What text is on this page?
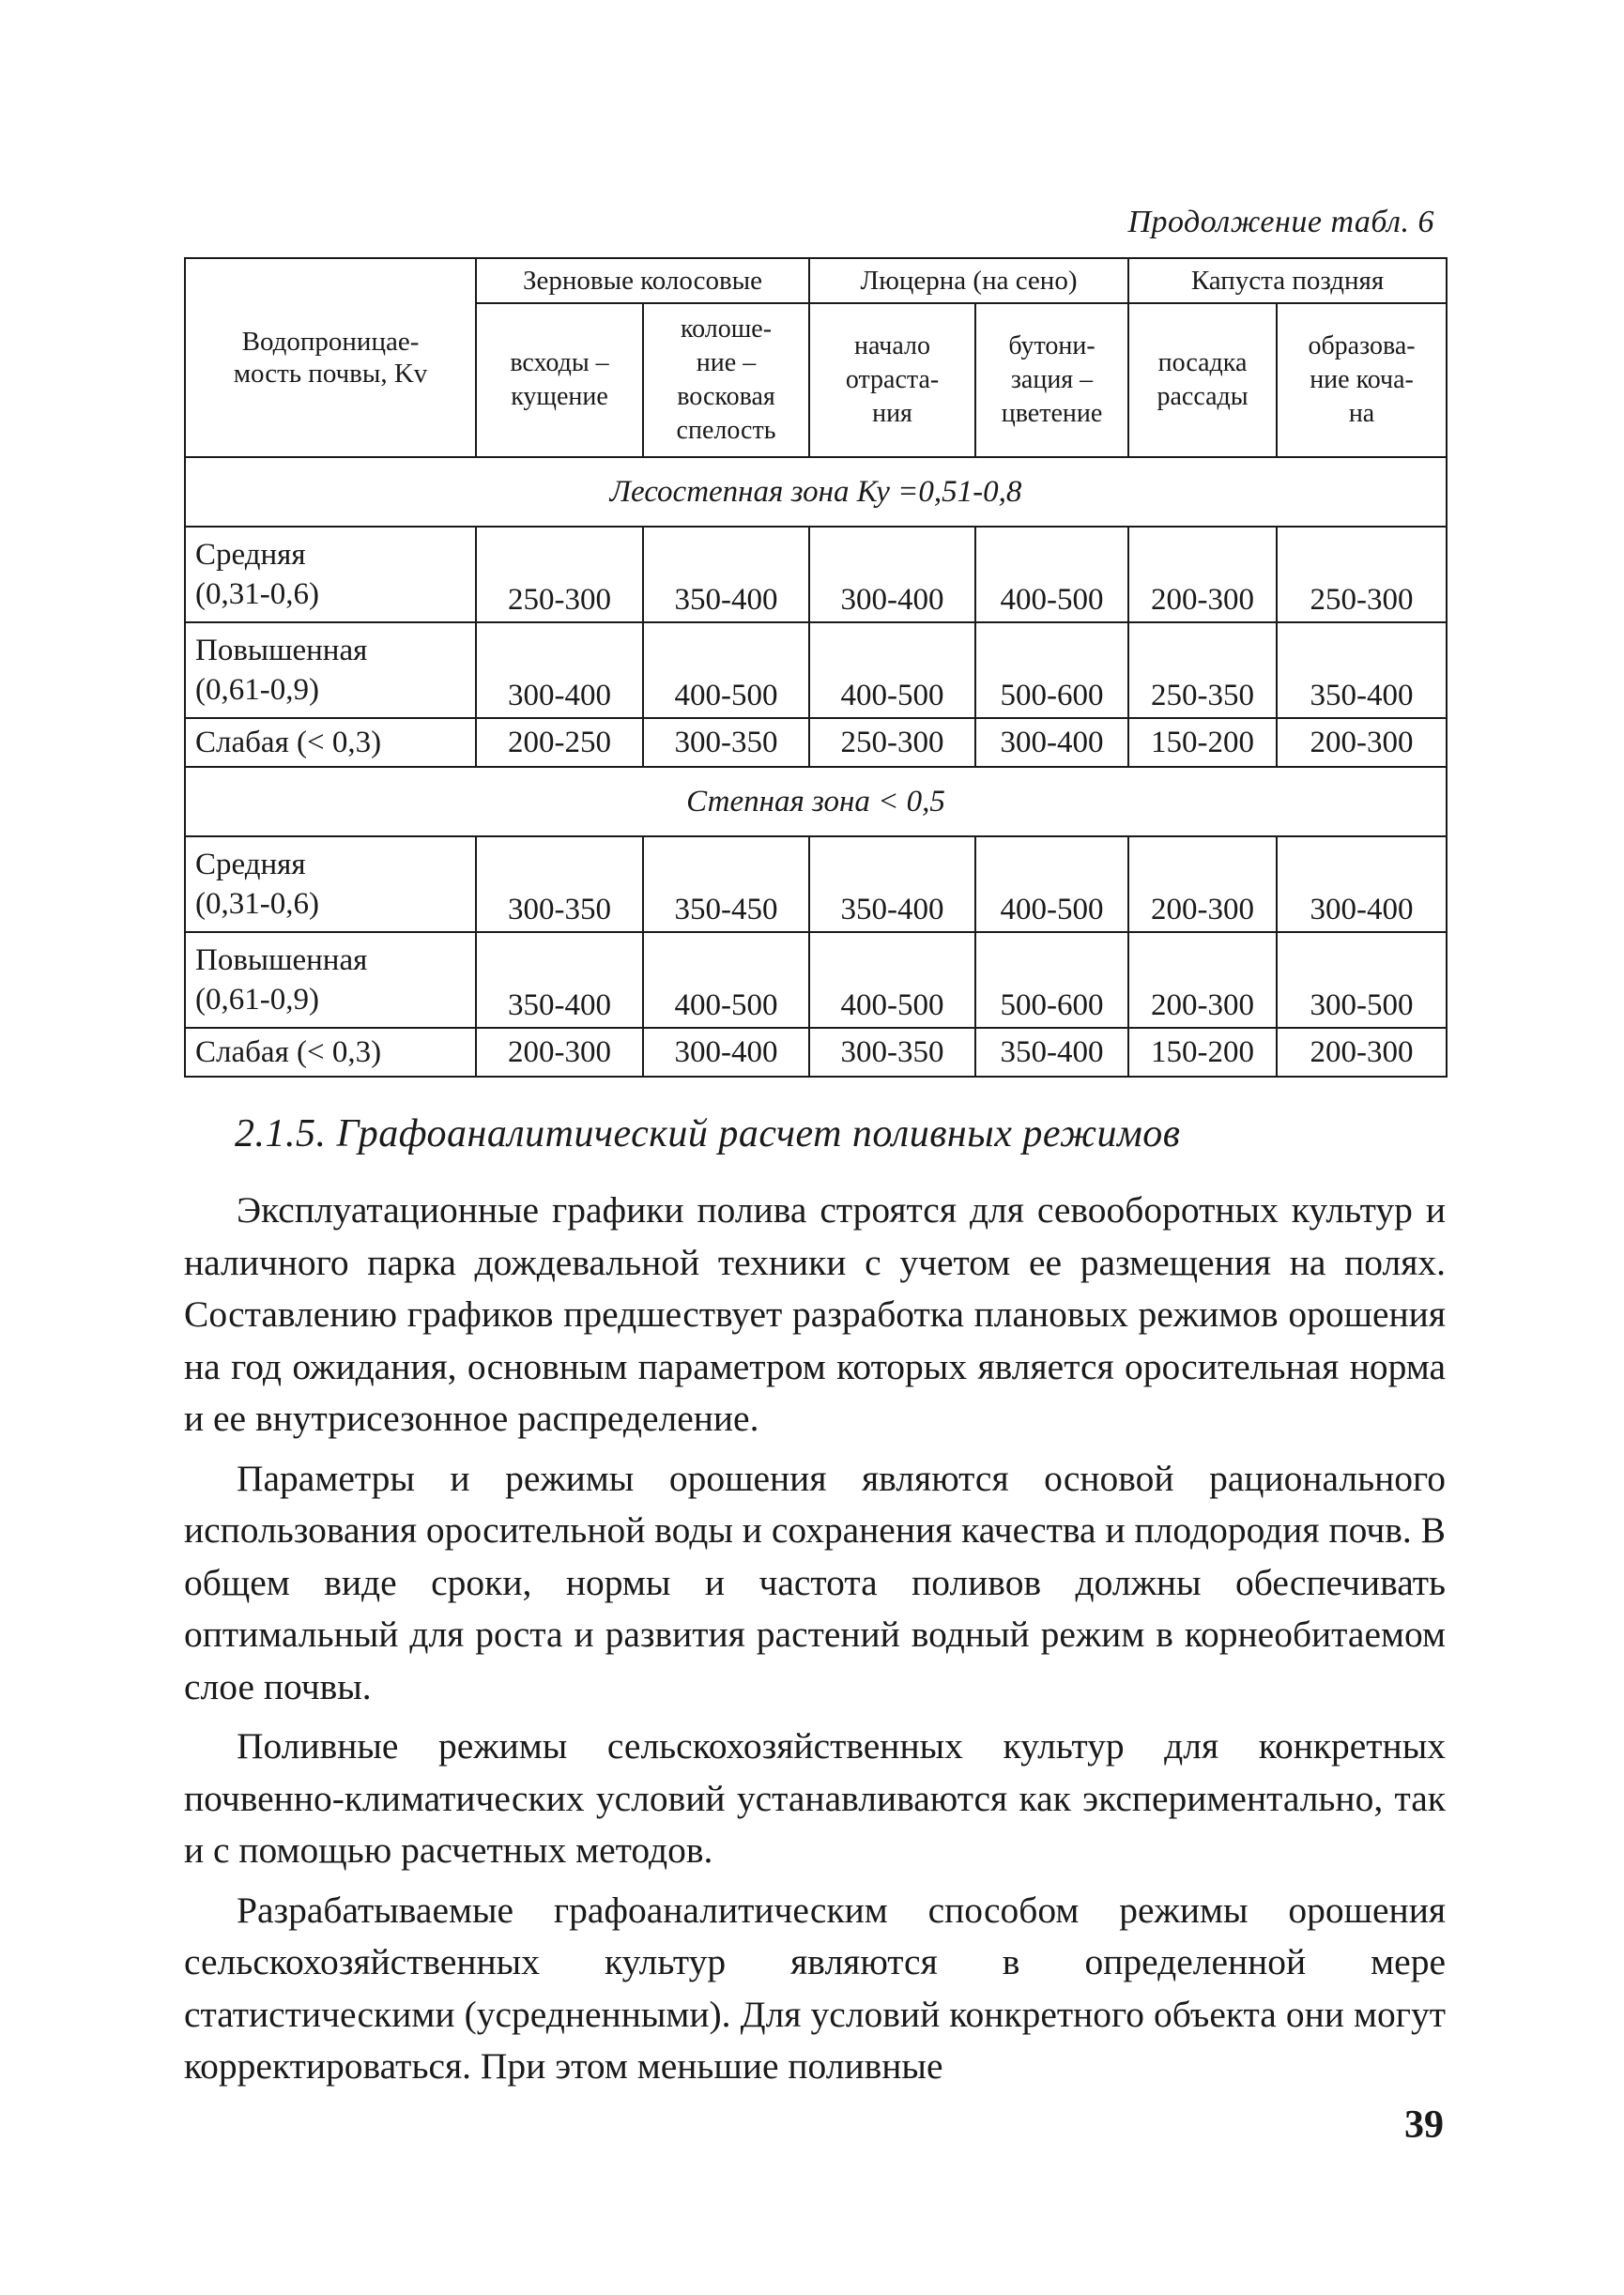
Продолжение табл. 6
Водопроницае-
мость почвы, Kv	Зерновые колосовые		Люцерна (на сено)		Капуста поздняя	
	всходы –
кущение	колоше-
ние –
восковая
спелость	начало
отраста-
ния	бутони-
зация –
цветение	посадка
рассады	образова-
ние коча-
на
Лесостепная зона Ку =0,51-0,8						
Средняя
(0,31-0,6)	250-300	350-400	300-400	400-500	200-300	250-300
Повышенная
(0,61-0,9)	300-400	400-500	400-500	500-600	250-350	350-400
Слабая (< 0,3)	200-250	300-350	250-300	300-400	150-200	200-300
Степная зона < 0,5						
Средняя
(0,31-0,6)	300-350	350-450	350-400	400-500	200-300	300-400
Повышенная
(0,61-0,9)	350-400	400-500	400-500	500-600	200-300	300-500
Слабая (< 0,3)	200-300	300-400	300-350	350-400	150-200	200-300
2.1.5. Графоаналитический расчет поливных режимов

Эксплуатационные графики полива строятся для севооборотных культур и наличного парка дождевальной техники с учетом ее размещения на полях. Составлению графиков предшествует разработка плановых режимов орошения на год ожидания, основным параметром которых является оросительная норма и ее внутрисезонное распределение.

Параметры и режимы орошения являются основой рационального использования оросительной воды и сохранения качества и плодородия почв. В общем виде сроки, нормы и частота поливов должны обеспечивать оптимальный для роста и развития растений водный режим в корнеобитаемом слое почвы.

Поливные режимы сельскохозяйственных культур для конкретных почвенно-климатических условий устанавливаются как экспериментально, так и с помощью расчетных методов.

Разрабатываемые графоаналитическим способом режимы орошения сельскохозяйственных культур являются в определенной мере статистическими (усредненными). Для условий конкретного объекта они могут корректироваться. При этом меньшие поливные

39
